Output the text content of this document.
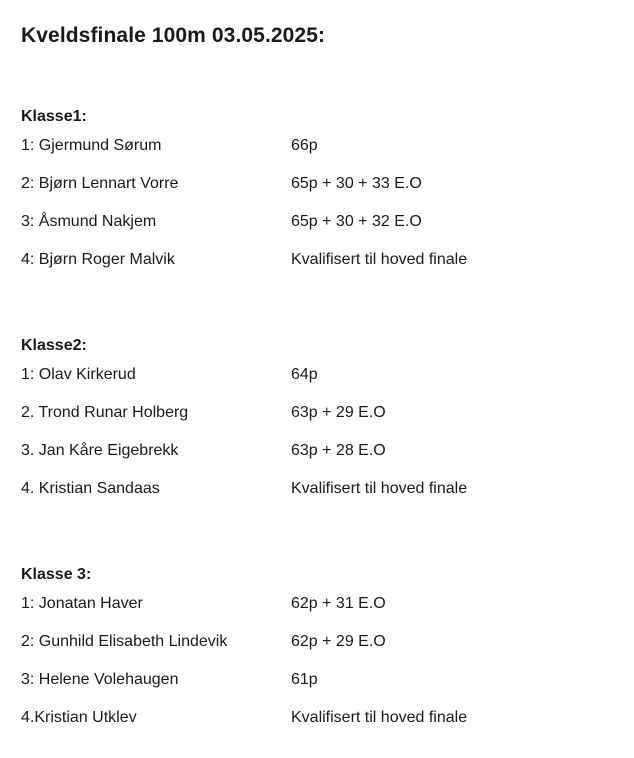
Kveldsfinale 100m 03.05.2025:
Klasse1:
1: Gjermund Sørum	66p
2: Bjørn Lennart Vorre	65p + 30 + 33 E.O
3: Åsmund Nakjem	65p + 30 + 32 E.O
4: Bjørn Roger Malvik	Kvalifisert til hoved finale
Klasse2:
1: Olav Kirkerud	64p
2. Trond Runar Holberg	63p + 29 E.O
3. Jan Kåre Eigebrekk	63p + 28 E.O
4. Kristian Sandaas	Kvalifisert til hoved finale
Klasse 3:
1: Jonatan Haver	62p + 31 E.O
2: Gunhild Elisabeth Lindevik	62p + 29 E.O
3: Helene Volehaugen	61p
4.Kristian Utklev	Kvalifisert til hoved finale
